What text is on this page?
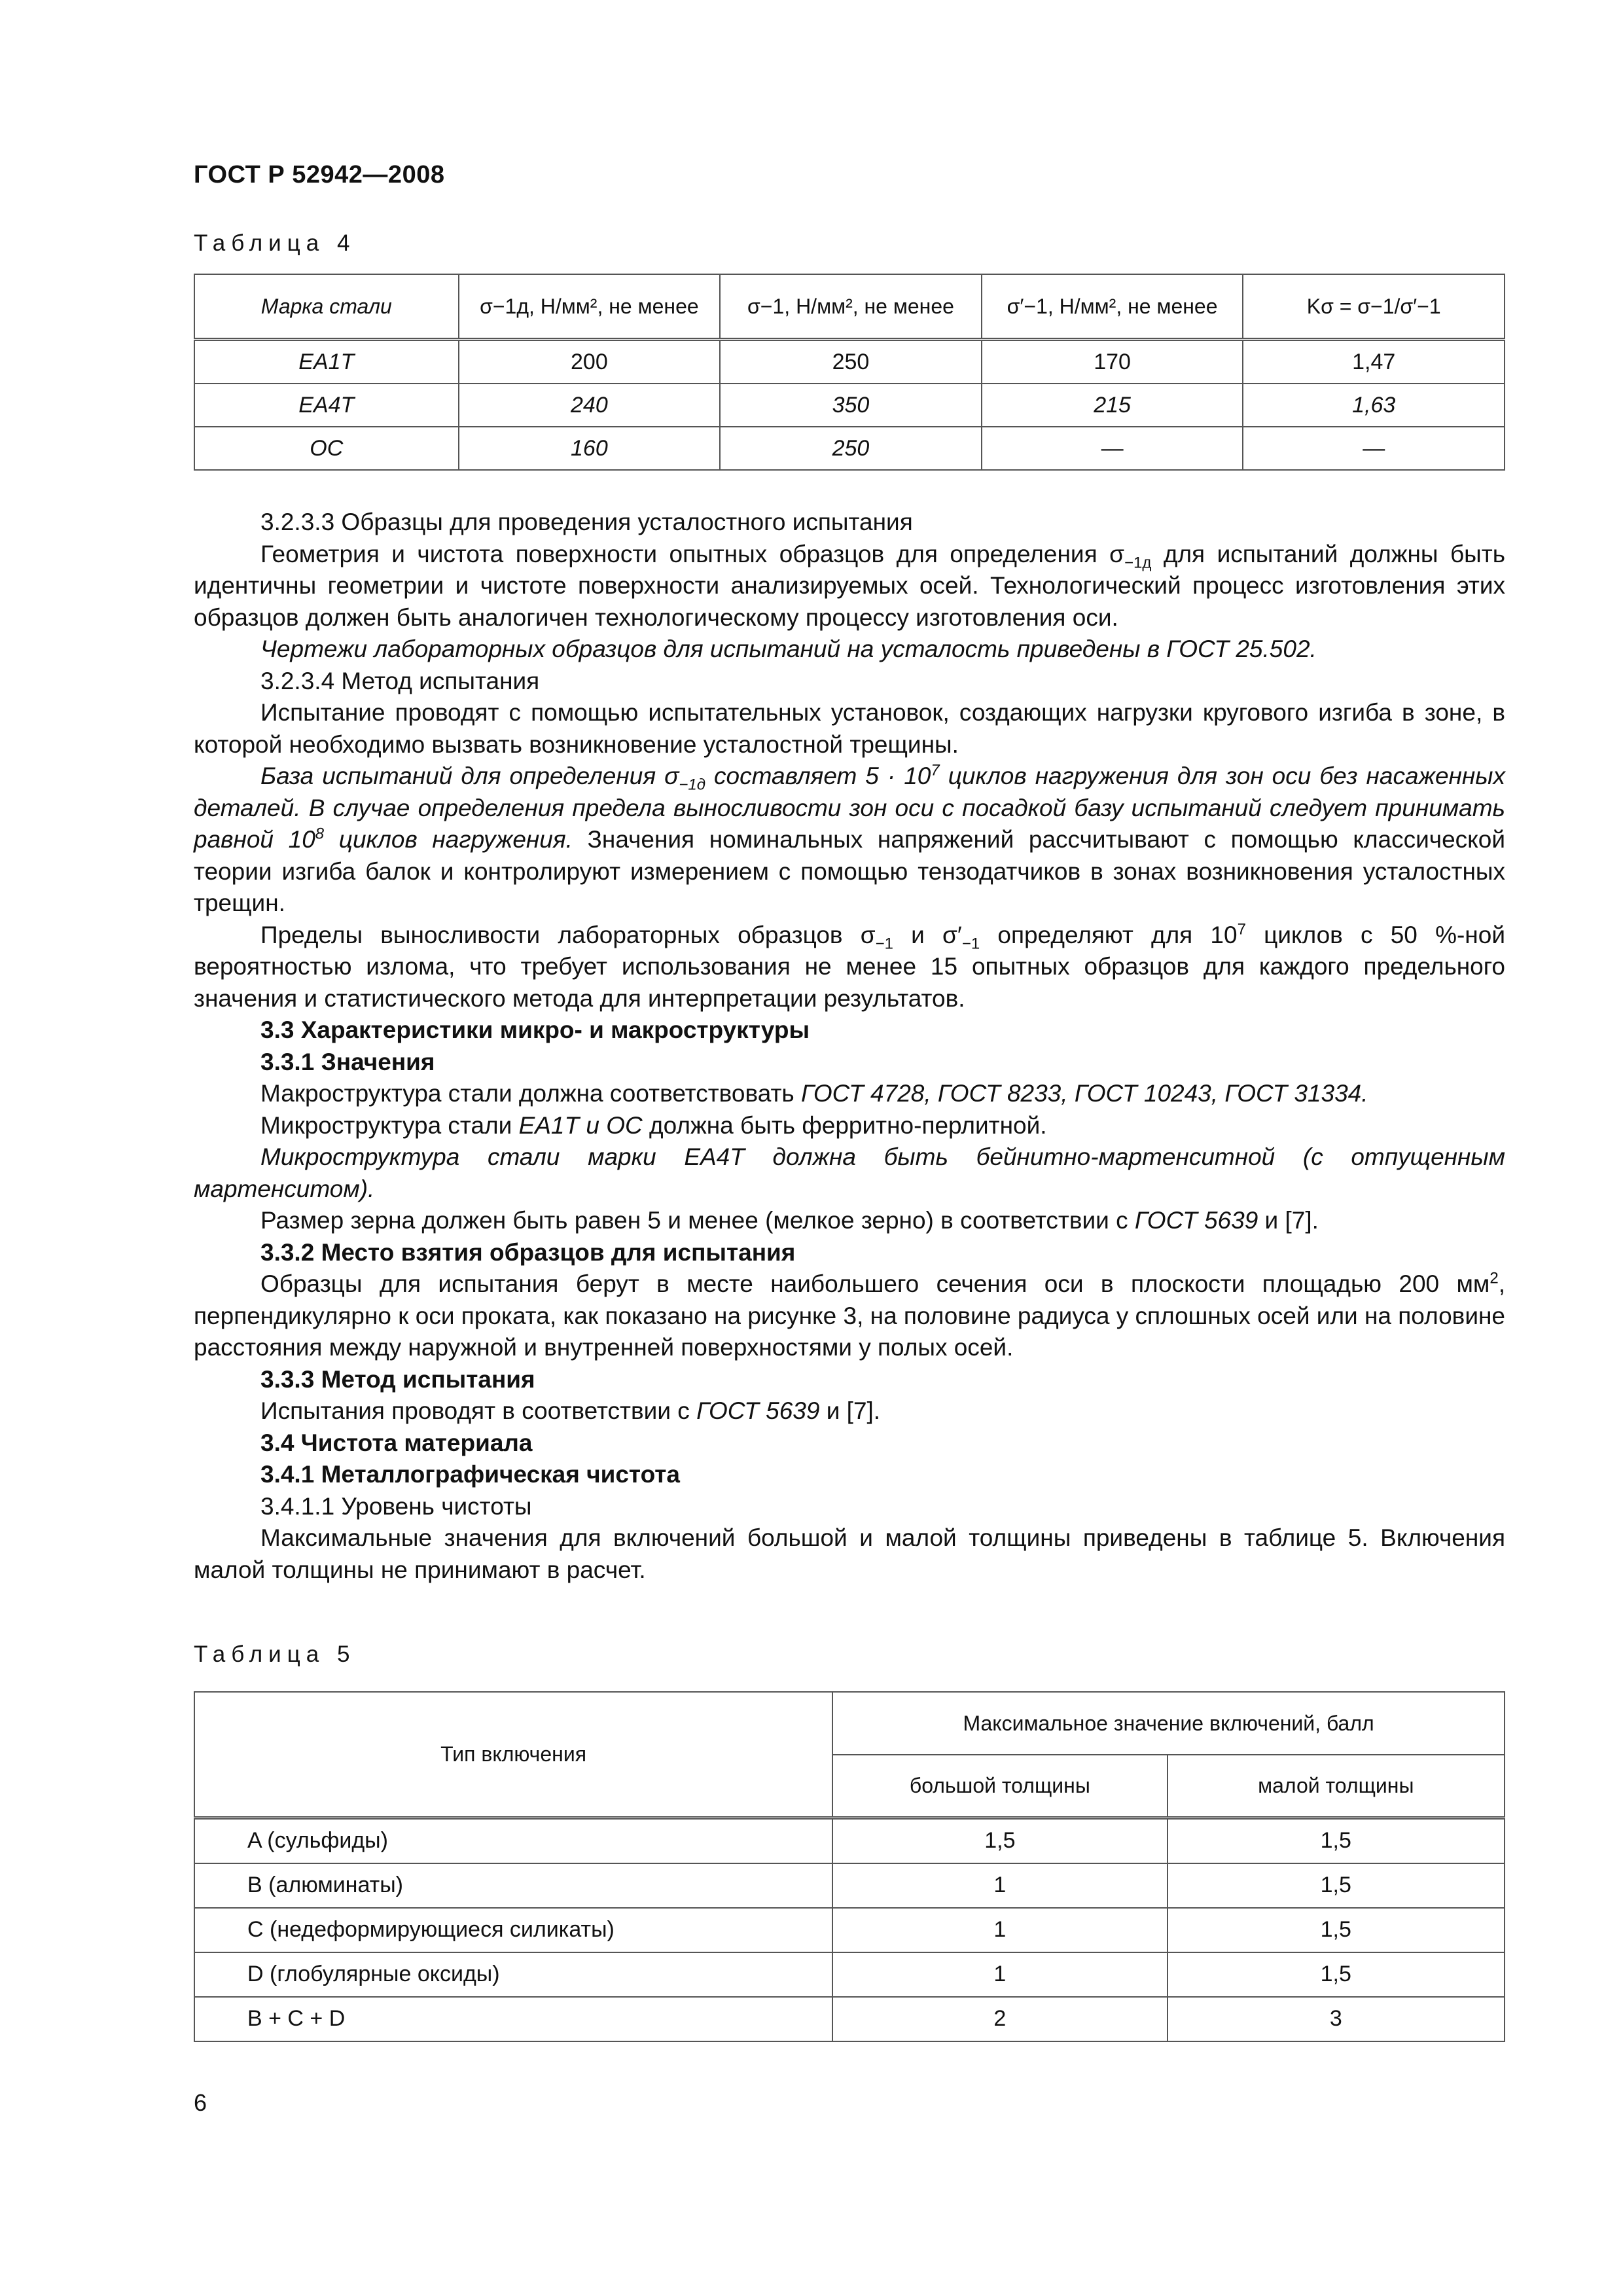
ГОСТ Р 52942—2008
Таблица 4
Марка стали	σ−1д, Н/мм², не менее	σ−1, Н/мм², не менее	σ′−1, Н/мм², не менее	Kσ = σ−1/σ′−1
EA1T	200	250	170	1,47
EA4T	240	350	215	1,63
OC	160	250	—	—

3.2.3.3 Образцы для проведения усталостного испытания

Геометрия и чистота поверхности опытных образцов для определения $\sigma_{-1д}$ для испытаний должны быть идентичны геометрии и чистоте поверхности анализируемых осей. Технологический процесс изготовления этих образцов должен быть аналогичен технологическому процессу изготовления оси.

Чертежи лабораторных образцов для испытаний на усталость приведены в ГОСТ 25.502.

3.2.3.4 Метод испытания

Испытание проводят с помощью испытательных установок, создающих нагрузки кругового изгиба в зоне, в которой необходимо вызвать возникновение усталостной трещины.

База испытаний для определения $\sigma_{-1д}$ составляет $5 \cdot 10^7$ циклов нагружения для зон оси без насаженных деталей. В случае определения предела выносливости зон оси с посадкой базу испытаний следует принимать равной $10^8$ циклов нагружения. Значения номинальных напряжений рассчитывают с помощью классической теории изгиба балок и контролируют измерением с помощью тензодатчиков в зонах возникновения усталостных трещин.

Пределы выносливости лабораторных образцов $\sigma_{-1}$ и $\sigma'_{-1}$ определяют для $10^7$ циклов с 50 %-ной вероятностью излома, что требует использования не менее 15 опытных образцов для каждого предельного значения и статистического метода для интерпретации результатов.

3.3 Характеристики микро- и макроструктуры

3.3.1 Значения

Макроструктура стали должна соответствовать ГОСТ 4728, ГОСТ 8233, ГОСТ 10243, ГОСТ 31334.

Микроструктура стали EA1T и OC должна быть ферритно-перлитной.

Микроструктура стали марки EA4T должна быть бейнитно-мартенситной (с отпущенным мартенситом).

Размер зерна должен быть равен 5 и менее (мелкое зерно) в соответствии с ГОСТ 5639 и [7].

3.3.2 Место взятия образцов для испытания

Образцы для испытания берут в месте наибольшего сечения оси в плоскости площадью 200 $мм^2$, перпендикулярно к оси проката, как показано на рисунке 3, на половине радиуса у сплошных осей или на половине расстояния между наружной и внутренней поверхностями у полых осей.

3.3.3 Метод испытания

Испытания проводят в соответствии с ГОСТ 5639 и [7].

3.4 Чистота материала

3.4.1 Металлографическая чистота

3.4.1.1 Уровень чистоты

Максимальные значения для включений большой и малой толщины приведены в таблице 5. Включения малой толщины не принимают в расчет.

Таблица 5
Тип включения	Максимальное значение включений, балл	
	большой толщины	малой толщины
A (сульфиды)	1,5	1,5
B (алюминаты)	1	1,5
C (недеформирующиеся силикаты)	1	1,5
D (глобулярные оксиды)	1	1,5
B + C + D	2	3
6
